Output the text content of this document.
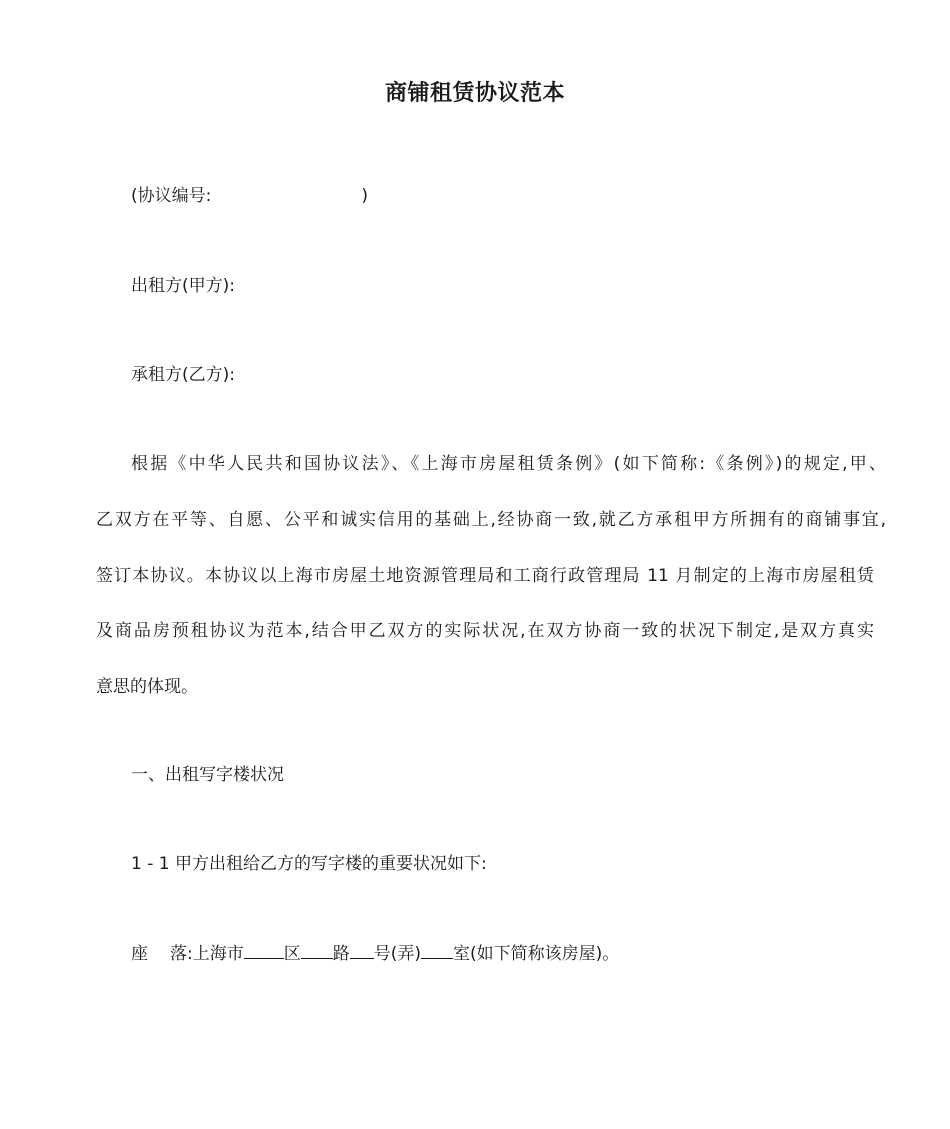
商铺租赁协议范本
(协议编号:	)
出租方(甲方):
承租方(乙方):
根据《中华人民共和国协议法》、《上海市房屋租赁条例》(如下简称:《条例》)的规定,甲、
乙双方在平等、自愿、公平和诚实信用的基础上,经协商一致,就乙方承租甲方所拥有的商铺事宜,
签订本协议。本协议以上海市房屋土地资源管理局和工商行政管理局 11 月制定的上海市房屋租赁
及商品房预租协议为范本,结合甲乙双方的实际状况,在双方协商一致的状况下制定,是双方真实
意思的体现。
一、出租写字楼状况
1 - 1 甲方出租给乙方的写字楼的重要状况如下:
座 落:上海市 区 路 号(弄) 室(如下简称该房屋)。
